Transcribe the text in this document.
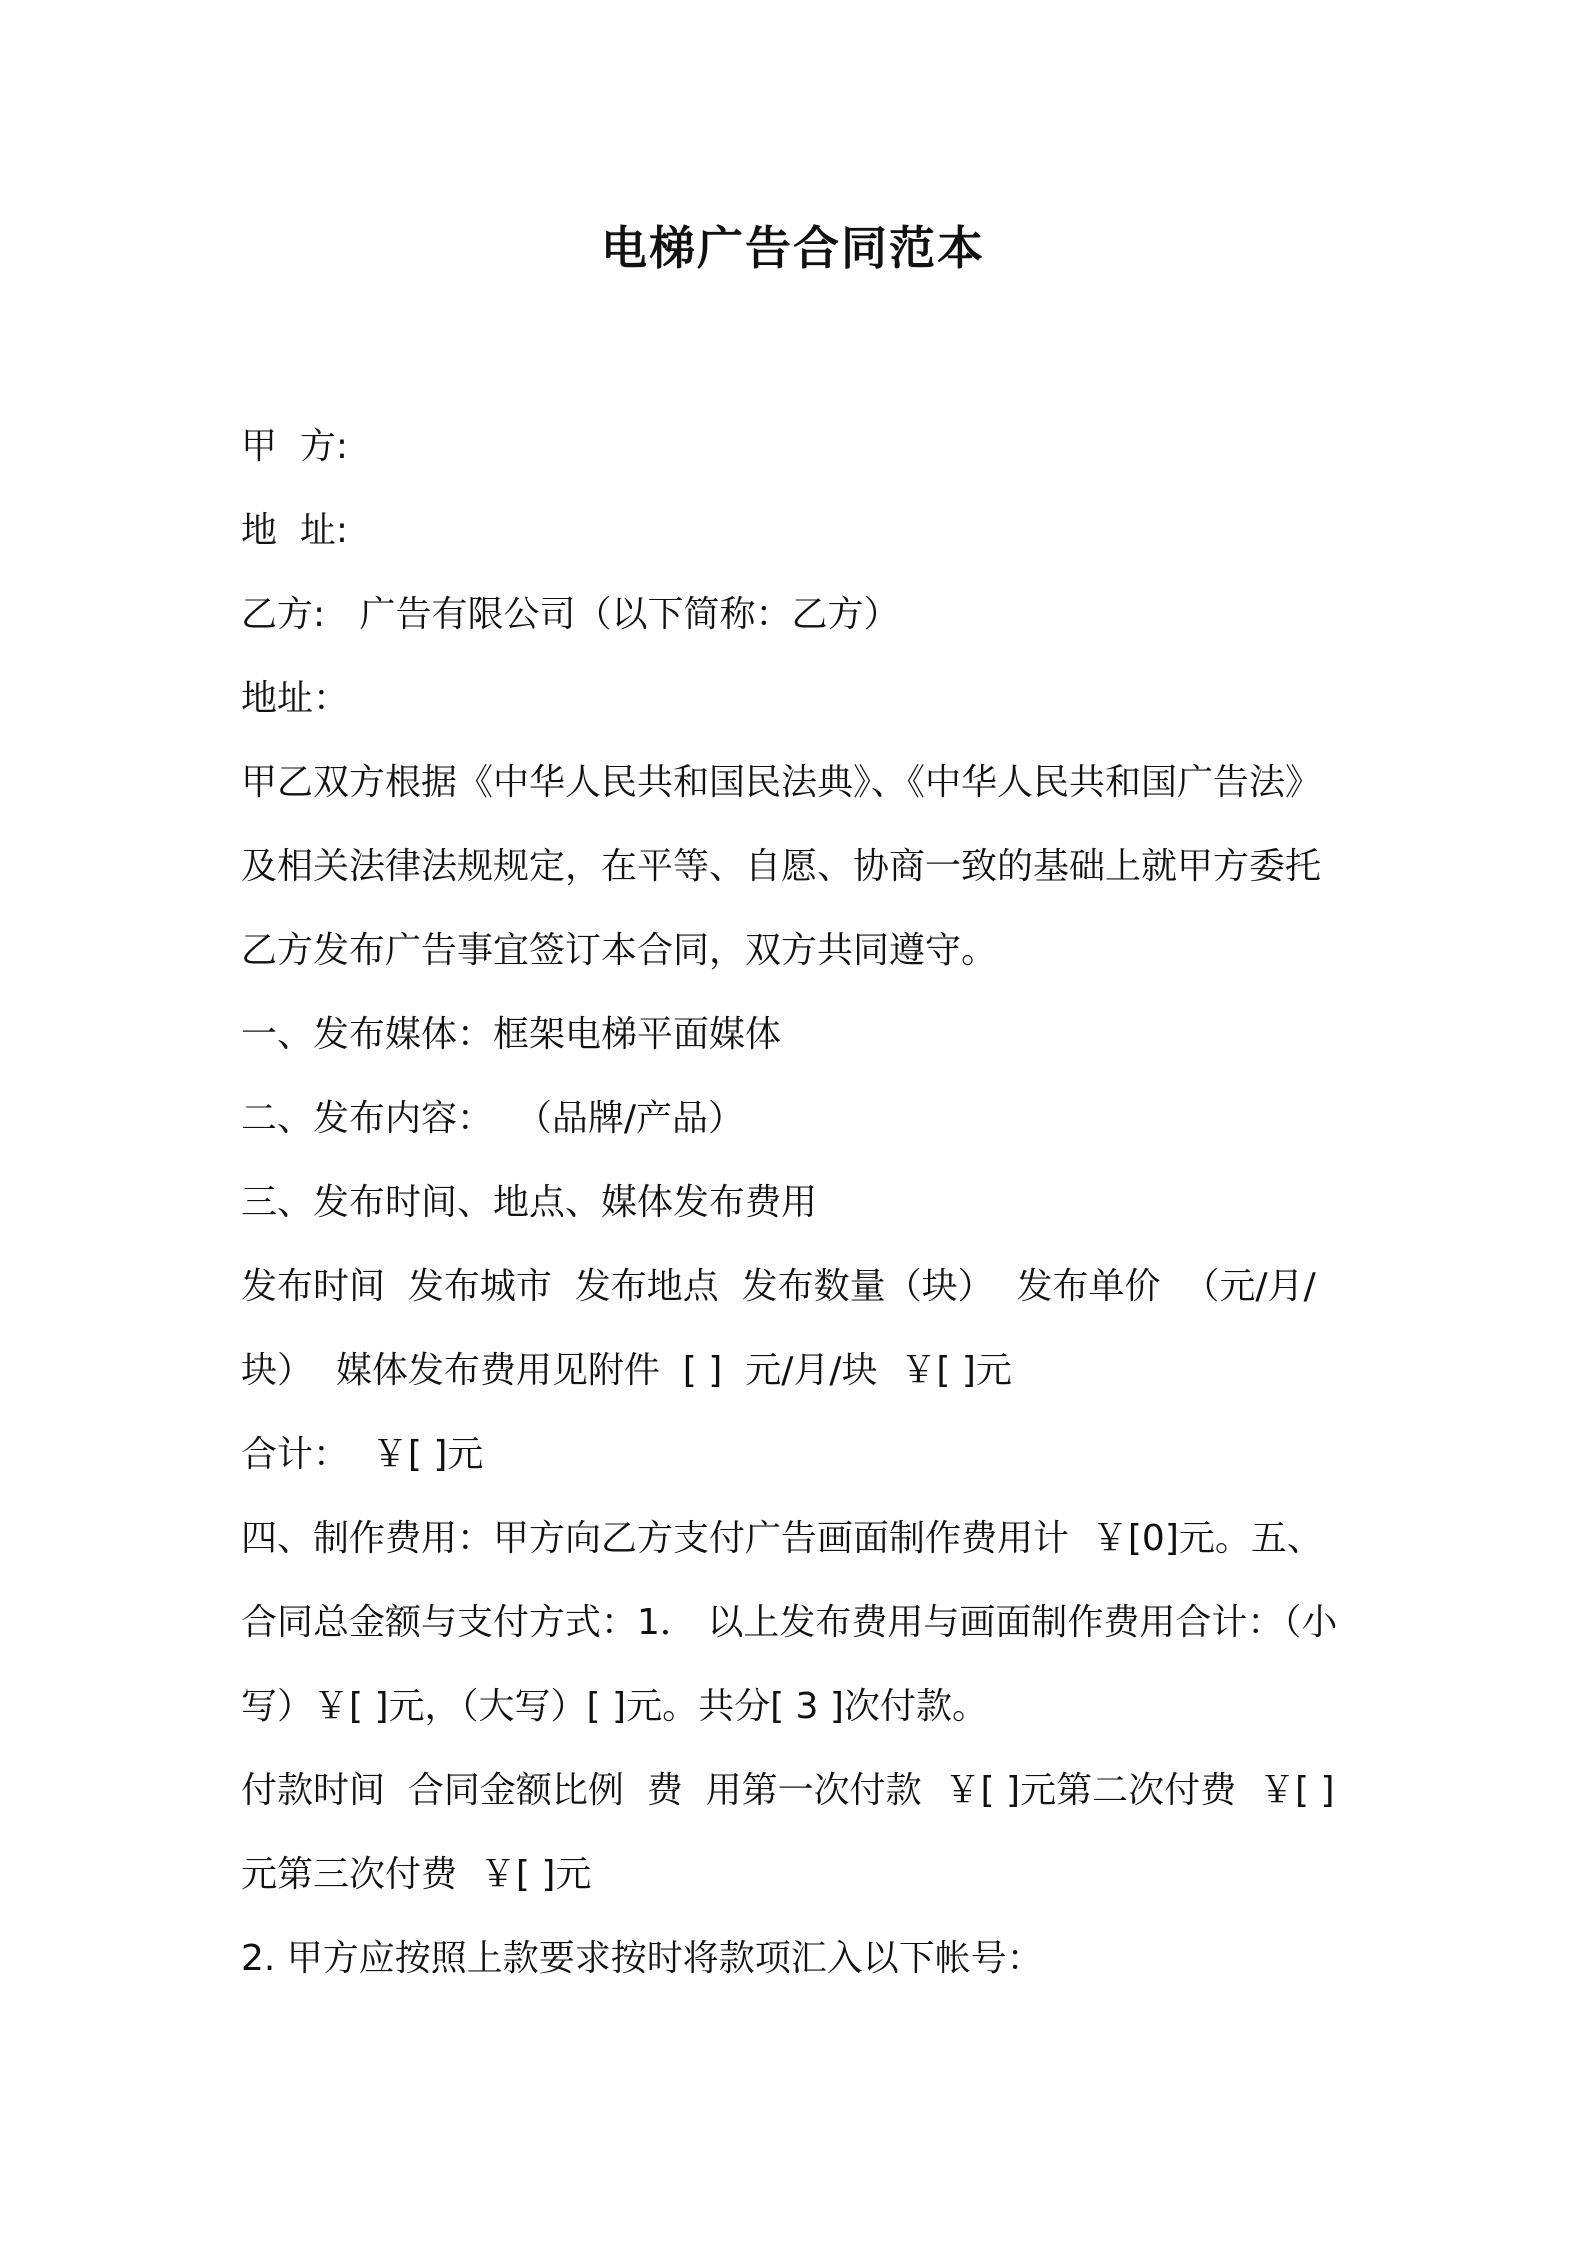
电梯广告合同范本

甲  方:

地  址:

乙方:   广告有限公司（以下简称：乙方）

地址：

甲乙双方根据《中华人民共和国民法典》、《中华人民共和国广告法》

及相关法律法规规定，在平等、自愿、协商一致的基础上就甲方委托

乙方发布广告事宜签订本合同，双方共同遵守。

一、发布媒体：框架电梯平面媒体

二、发布内容：  （品牌/产品）

三、发布时间、地点、媒体发布费用

发布时间  发布城市  发布地点  发布数量（块）  发布单价  （元/月/

块）  媒体发布费用见附件  [ ]  元/月/块  ￥[ ]元

合计：  ￥[ ]元

四、制作费用：甲方向乙方支付广告画面制作费用计  ￥[0]元。五、

合同总金额与支付方式：1． 以上发布费用与画面制作费用合计：（小

写）￥[ ]元，（大写）[ ]元。共分[ 3 ]次付款。

付款时间  合同金额比例  费  用第一次付款  ￥[ ]元第二次付费  ￥[ ]

元第三次付费  ￥[ ]元

2. 甲方应按照上款要求按时将款项汇入以下帐号：
